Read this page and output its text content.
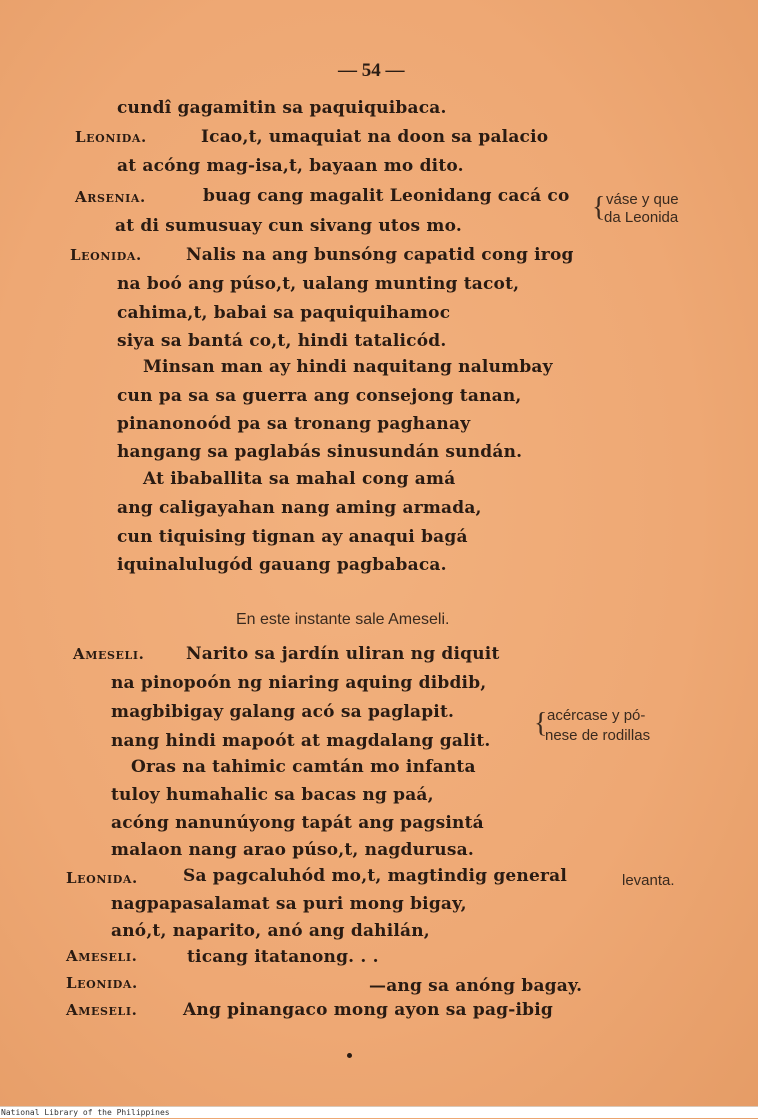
— 54 —
Leonida.
Arsenia.
Leonida.
Ameseli.
Leonida.
Ameseli.
Leonida.
Ameseli.
cundî gagamitin sa paquiquibaca.
Icao,t, umaquiat na doon sa palacio
at acóng mag-isa,t, bayaan mo dito.
buag cang magalit Leonidang cacá co
at di sumusuay cun sivang utos mo.
Nalis na ang bunsóng capatid cong irog
na boó ang púso,t, ualang munting tacot,
cahima,t, babai sa paquiquihamoc
siya sa bantá co,t, hindi tatalicód.
Minsan man ay hindi naquitang nalumbay
cun pa sa sa guerra ang consejong tanan,
pinanonoód pa sa tronang paghanay
hangang sa paglabás sinusundán sundán.
At ibaballita sa mahal cong amá
ang caligayahan nang aming armada,
cun tiquising tignan ay anaqui bagá
iquinalulugód gauang pagbabaca.
Narito sa jardín uliran ng diquit
na pinopoón ng niaring aquing dibdib,
magbibigay galang acó sa paglapit.
nang hindi mapoót at magdalang galit.
Oras na tahimic camtán mo infanta
tuloy humahalic sa bacas ng paá,
acóng nanunúyong tapát ang pagsintá
malaon nang arao púso,t, nagdurusa.
Sa pagcaluhód mo,t, magtindig general
nagpapasalamat sa puri mong bigay,
anó,t, naparito, anó ang dahilán,
ticang itatanong. . .
—ang sa anóng bagay.
Ang pinangaco mong ayon sa pag-ibig
{ váse y que
da Leonida
En este instante sale Ameseli.
{ acércase y pó-
nese de rodillas
levanta.
National Library of the Philippines
